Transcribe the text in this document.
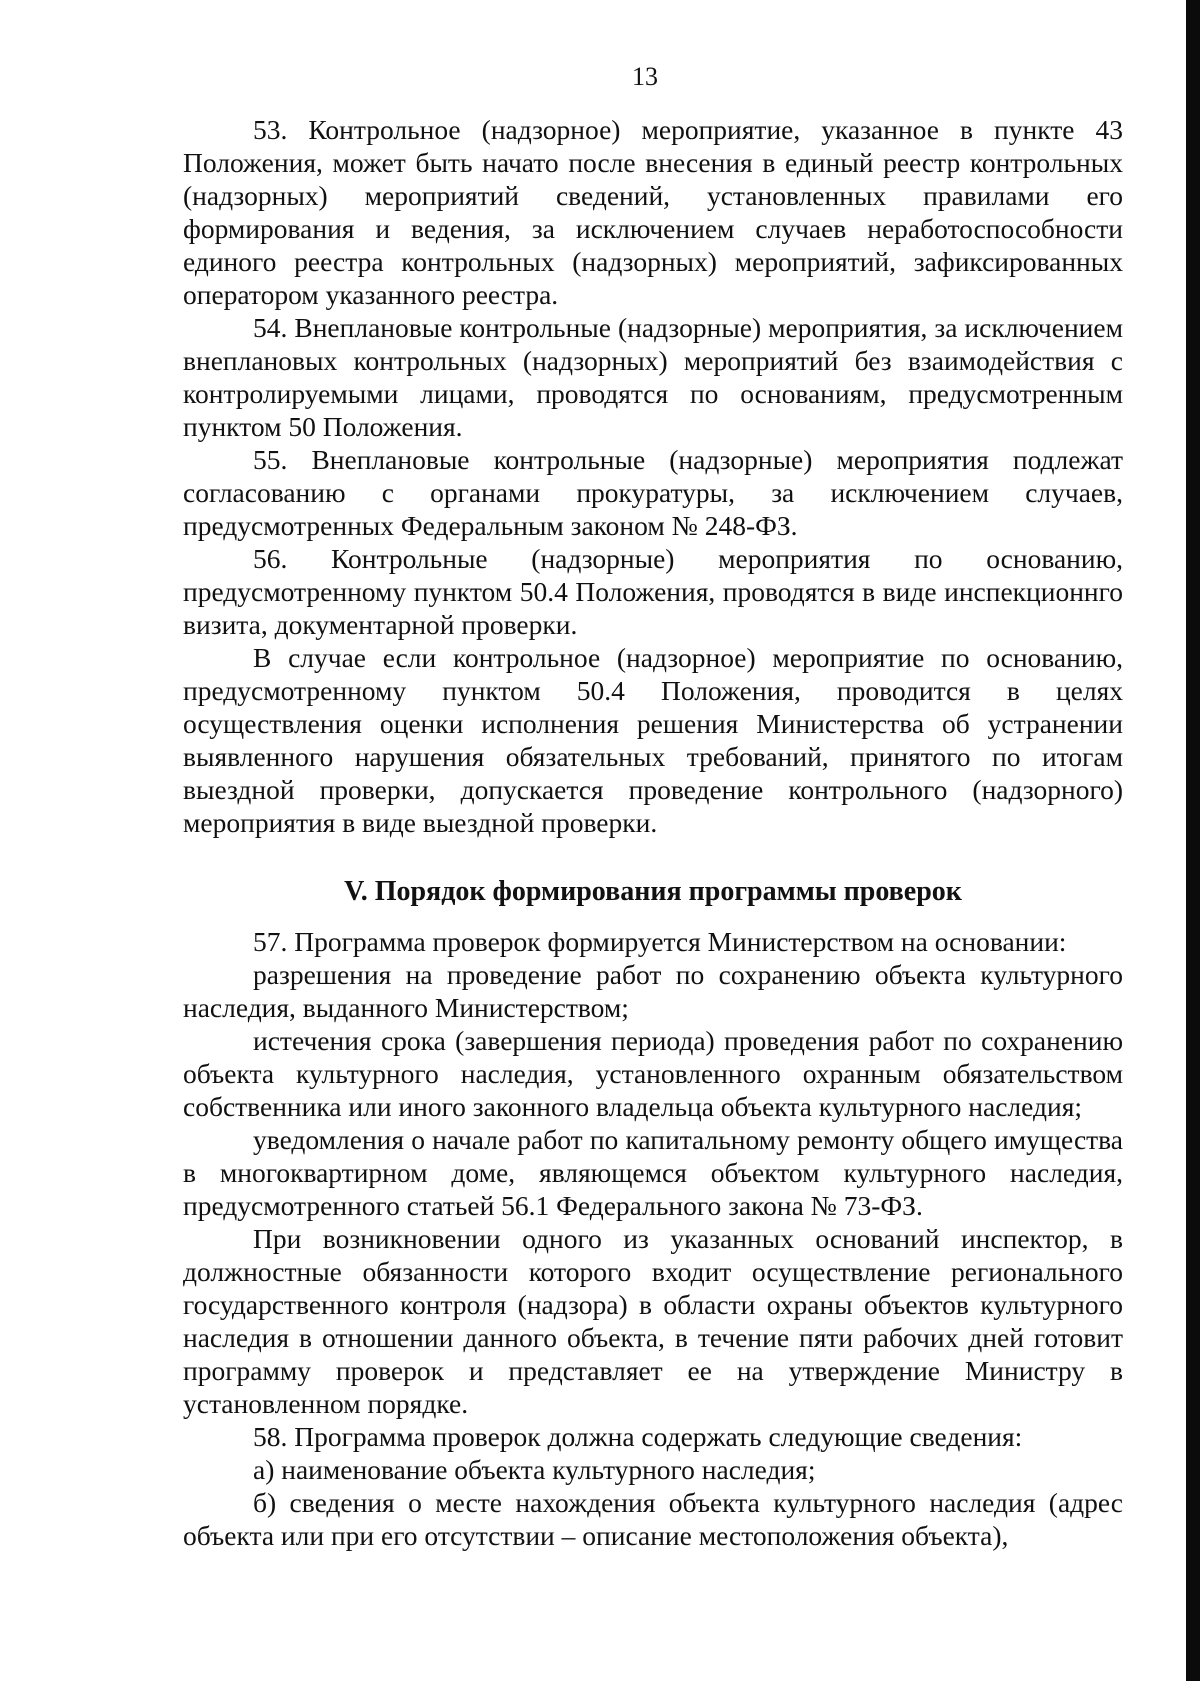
13

53. Контрольное (надзорное) мероприятие, указанное в пункте 43 Положения, может быть начато после внесения в единый реестр контрольных (надзорных) мероприятий сведений, установленных правилами его формирования и ведения, за исключением случаев неработоспособности единого реестра контрольных (надзорных) мероприятий, зафиксированных оператором указанного реестра.

54. Внеплановые контрольные (надзорные) мероприятия, за исключением внеплановых контрольных (надзорных) мероприятий без взаимодействия с контролируемыми лицами, проводятся по основаниям, предусмотренным пунктом 50 Положения.

55. Внеплановые контрольные (надзорные) мероприятия подлежат согласованию с органами прокуратуры, за исключением случаев, предусмотренных Федеральным законом № 248-ФЗ.

56. Контрольные (надзорные) мероприятия по основанию, предусмотренному пунктом 50.4 Положения, проводятся в виде инспекционнго визита, документарной проверки.

В случае если контрольное (надзорное) мероприятие по основанию, предусмотренному пунктом 50.4 Положения, проводится в целях осуществления оценки исполнения решения Министерства об устранении выявленного нарушения обязательных требований, принятого по итогам выездной проверки, допускается проведение контрольного (надзорного) мероприятия в виде выездной проверки.

V. Порядок формирования программы проверок

57. Программа проверок формируется Министерством на основании:

разрешения на проведение работ по сохранению объекта культурного наследия, выданного Министерством;

истечения срока (завершения периода) проведения работ по сохранению объекта культурного наследия, установленного охранным обязательством собственника или иного законного владельца объекта культурного наследия;

уведомления о начале работ по капитальному ремонту общего имущества в многоквартирном доме, являющемся объектом культурного наследия, предусмотренного статьей 56.1 Федерального закона № 73-ФЗ.

При возникновении одного из указанных оснований инспектор, в должностные обязанности которого входит осуществление регионального государственного контроля (надзора) в области охраны объектов культурного наследия в отношении данного объекта, в течение пяти рабочих дней готовит программу проверок и представляет ее на утверждение Министру в установленном порядке.

58. Программа проверок должна содержать следующие сведения:

а) наименование объекта культурного наследия;

б) сведения о месте нахождения объекта культурного наследия (адрес объекта или при его отсутствии – описание местоположения объекта),
